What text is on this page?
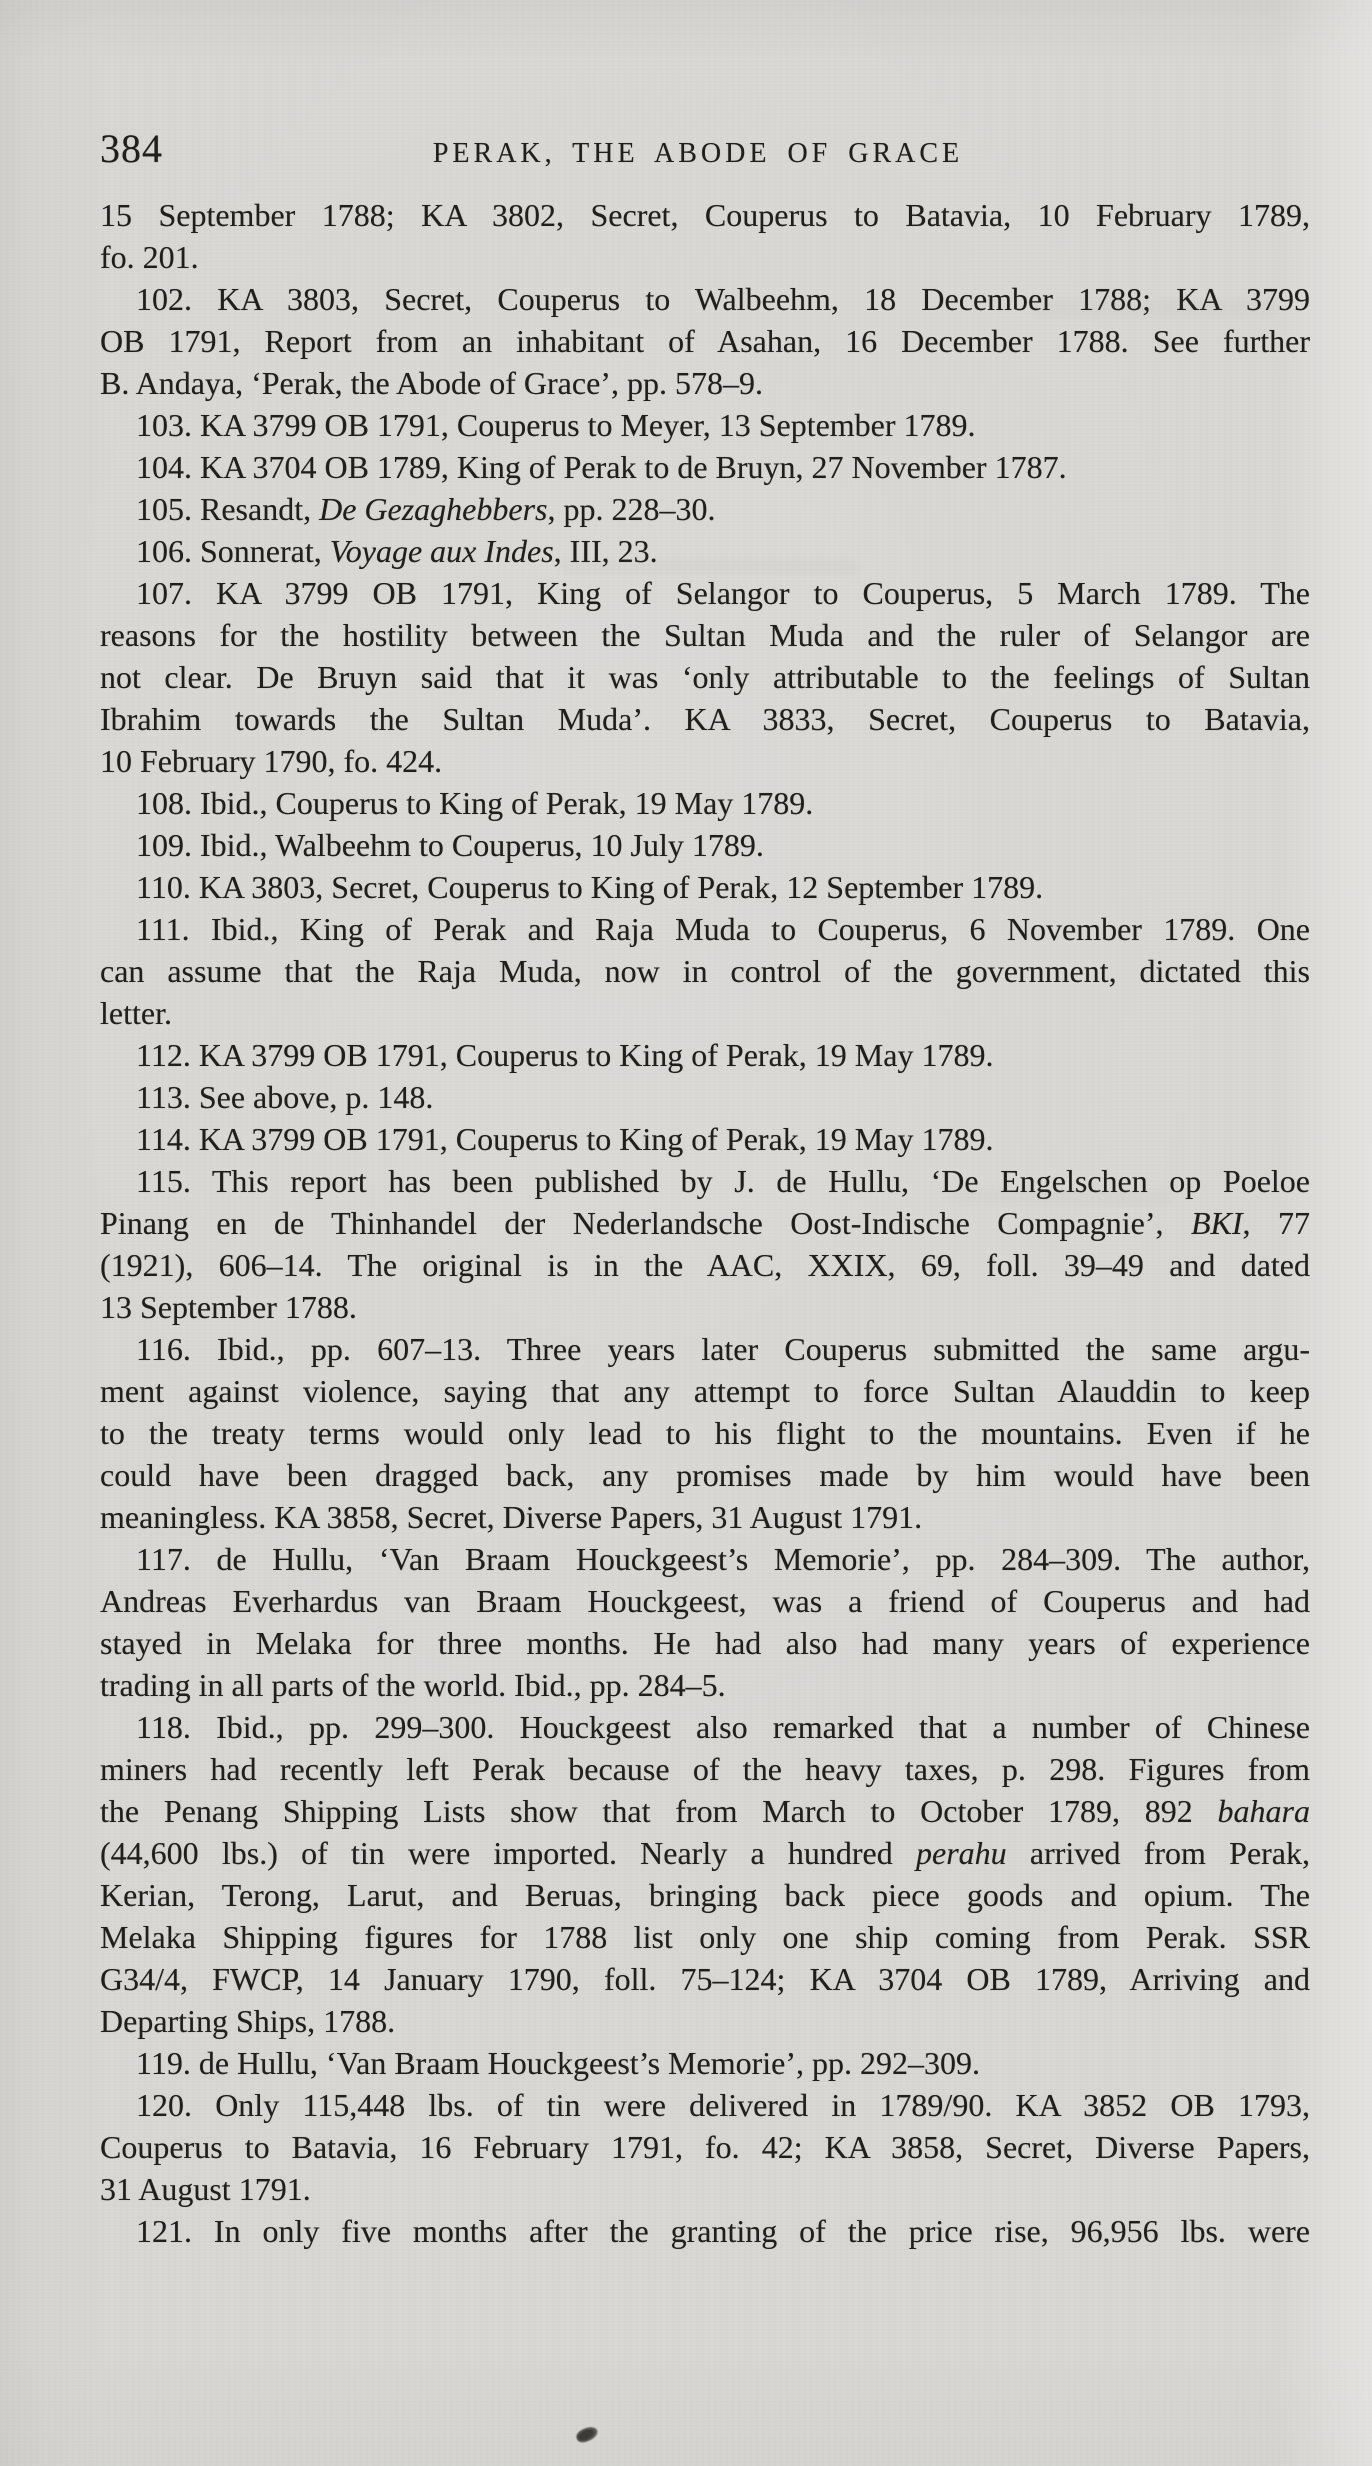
384	PERAK, THE ABODE OF GRACE
15 September 1788; KA 3802, Secret, Couperus to Batavia, 10 February 1789,
fo. 201.
102. KA 3803, Secret, Couperus to Walbeehm, 18 December 1788; KA 3799
OB 1791, Report from an inhabitant of Asahan, 16 December 1788. See further
B. Andaya, ‘Perak, the Abode of Grace’, pp. 578–9.
103. KA 3799 OB 1791, Couperus to Meyer, 13 September 1789.
104. KA 3704 OB 1789, King of Perak to de Bruyn, 27 November 1787.
105. Resandt, De Gezaghebbers, pp. 228–30.
106. Sonnerat, Voyage aux Indes, III, 23.
107. KA 3799 OB 1791, King of Selangor to Couperus, 5 March 1789. The
reasons for the hostility between the Sultan Muda and the ruler of Selangor are
not clear. De Bruyn said that it was ‘only attributable to the feelings of Sultan
Ibrahim towards the Sultan Muda’. KA 3833, Secret, Couperus to Batavia,
10 February 1790, fo. 424.
108. Ibid., Couperus to King of Perak, 19 May 1789.
109. Ibid., Walbeehm to Couperus, 10 July 1789.
110. KA 3803, Secret, Couperus to King of Perak, 12 September 1789.
111. Ibid., King of Perak and Raja Muda to Couperus, 6 November 1789. One
can assume that the Raja Muda, now in control of the government, dictated this
letter.
112. KA 3799 OB 1791, Couperus to King of Perak, 19 May 1789.
113. See above, p. 148.
114. KA 3799 OB 1791, Couperus to King of Perak, 19 May 1789.
115. This report has been published by J. de Hullu, ‘De Engelschen op Poeloe
Pinang en de Thinhandel der Nederlandsche Oost-Indische Compagnie’, BKI, 77
(1921), 606–14. The original is in the AAC, XXIX, 69, foll. 39–49 and dated
13 September 1788.
116. Ibid., pp. 607–13. Three years later Couperus submitted the same argu-
ment against violence, saying that any attempt to force Sultan Alauddin to keep
to the treaty terms would only lead to his flight to the mountains. Even if he
could have been dragged back, any promises made by him would have been
meaningless. KA 3858, Secret, Diverse Papers, 31 August 1791.
117. de Hullu, ‘Van Braam Houckgeest’s Memorie’, pp. 284–309. The author,
Andreas Everhardus van Braam Houckgeest, was a friend of Couperus and had
stayed in Melaka for three months. He had also had many years of experience
trading in all parts of the world. Ibid., pp. 284–5.
118. Ibid., pp. 299–300. Houckgeest also remarked that a number of Chinese
miners had recently left Perak because of the heavy taxes, p. 298. Figures from
the Penang Shipping Lists show that from March to October 1789, 892 bahara
(44,600 lbs.) of tin were imported. Nearly a hundred perahu arrived from Perak,
Kerian, Terong, Larut, and Beruas, bringing back piece goods and opium. The
Melaka Shipping figures for 1788 list only one ship coming from Perak. SSR
G34/4, FWCP, 14 January 1790, foll. 75–124; KA 3704 OB 1789, Arriving and
Departing Ships, 1788.
119. de Hullu, ‘Van Braam Houckgeest’s Memorie’, pp. 292–309.
120. Only 115,448 lbs. of tin were delivered in 1789/90. KA 3852 OB 1793,
Couperus to Batavia, 16 February 1791, fo. 42; KA 3858, Secret, Diverse Papers,
31 August 1791.
121. In only five months after the granting of the price rise, 96,956 lbs. were
